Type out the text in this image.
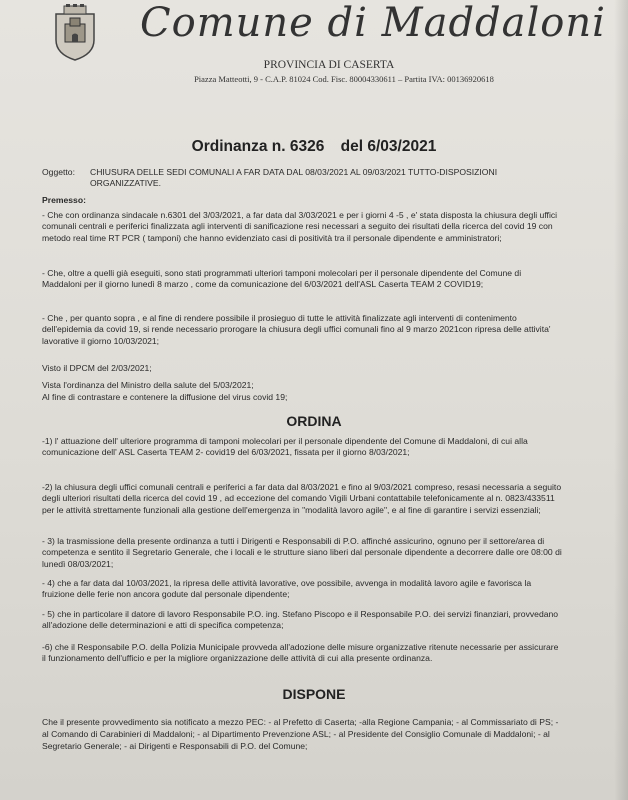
Comune di Maddaloni
PROVINCIA DI CASERTA
Piazza Matteotti, 9 - C.A.P. 81024 Cod. Fisc. 80004330611 – Partita IVA: 00136920618
Ordinanza n. 6326 del 6/03/2021
Oggetto: CHIUSURA DELLE SEDI COMUNALI A FAR DATA DAL 08/03/2021 AL 09/03/2021 TUTTO-DISPOSIZIONI ORGANIZZATIVE.
Premesso:
- Che con ordinanza sindacale n.6301 del 3/03/2021, a far data dal 3/03/2021 e per i giorni 4 -5 , e' stata disposta la chiusura degli uffici comunali centrali e periferici finalizzata agli interventi di sanificazione resi necessari a seguito dei risultati della ricerca del covid 19 con metodo real time RT PCR ( tamponi) che hanno evidenziato casi di positività tra il personale dipendente e amministratori;
- Che, oltre a quelli già eseguiti, sono stati programmati ulteriori tamponi molecolari per il personale dipendente del Comune di Maddaloni per il giorno lunedì 8 marzo , come da comunicazione del 6/03/2021 dell'ASL Caserta TEAM 2 COVID19;
- Che , per quanto sopra , e al fine di rendere possibile il prosieguo di tutte le attività finalizzate agli interventi di contenimento dell'epidemia da covid 19, si rende necessario prorogare la chiusura degli uffici comunali fino al 9 marzo 2021con ripresa delle attivita' lavorative il giorno 10/03/2021;
Visto il DPCM del 2/03/2021;
Vista l'ordinanza del Ministro della salute del 5/03/2021;
Al fine di contrastare e contenere la diffusione del virus covid 19;
ORDINA
-1) l' attuazione dell' ulteriore programma di tamponi molecolari per il personale dipendente del Comune di Maddaloni, di cui alla comunicazione dell' ASL Caserta TEAM 2- covid19 del 6/03/2021, fissata per il giorno 8/03/2021;
-2) la chiusura degli uffici comunali centrali e periferici a far data dal 8/03/2021 e fino al 9/03/2021 compreso, resasi necessaria a seguito degli ulteriori risultati della ricerca del covid 19 , ad eccezione del comando Vigili Urbani contattabile telefonicamente al n. 0823/433511 per le attività strettamente funzionali alla gestione dell'emergenza in "modalità lavoro agile", e al fine di garantire i servizi essenziali;
- 3) la trasmissione della presente ordinanza a tutti i Dirigenti e Responsabili di P.O. affinché assicurino, ognuno per il settore/area di competenza e sentito il Segretario Generale, che i locali e le strutture siano liberi dal personale dipendente a decorrere dalle ore 08:00 di lunedì 08/03/2021;
- 4) che a far data dal 10/03/2021, la ripresa delle attività lavorative, ove possibile, avvenga in modalità lavoro agile e favorisca la fruizione delle ferie non ancora godute dal personale dipendente;
- 5) che in particolare il datore di lavoro Responsabile P.O. ing. Stefano Piscopo e il Responsabile P.O. dei servizi finanziari, provvedano all'adozione delle determinazioni e atti di specifica competenza;
-6) che il Responsabile P.O. della Polizia Municipale provveda all'adozione delle misure organizzative ritenute necessarie per assicurare il funzionamento dell'ufficio e per la migliore organizzazione delle attività di cui alla presente ordinanza.
DISPONE
Che il presente provvedimento sia notificato a mezzo PEC: - al Prefetto di Caserta; -alla Regione Campania; - al Commissariato di PS; - al Comando di Carabinieri di Maddaloni; - al Dipartimento Prevenzione ASL; - al Presidente del Consiglio Comunale di Maddaloni; - al Segretario Generale; - ai Dirigenti e Responsabili di P.O. del Comune;
